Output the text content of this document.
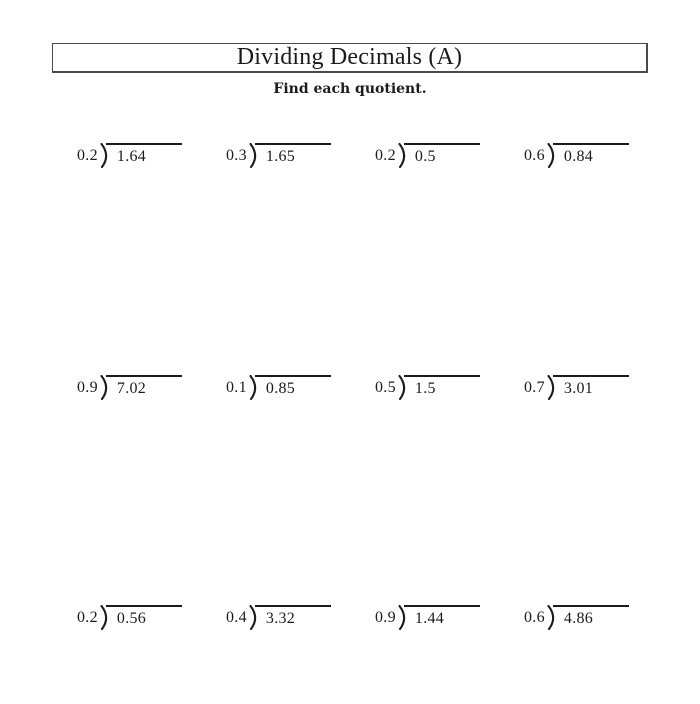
Dividing Decimals (A)
Find each quotient.
0.2	1.64	0.3	1.65	0.2	0.5	0.6	0.84
0.9	7.02	0.1	0.85	0.5	1.5	0.7	3.01
0.2	0.56	0.4	3.32	0.9	1.44	0.6	4.86
